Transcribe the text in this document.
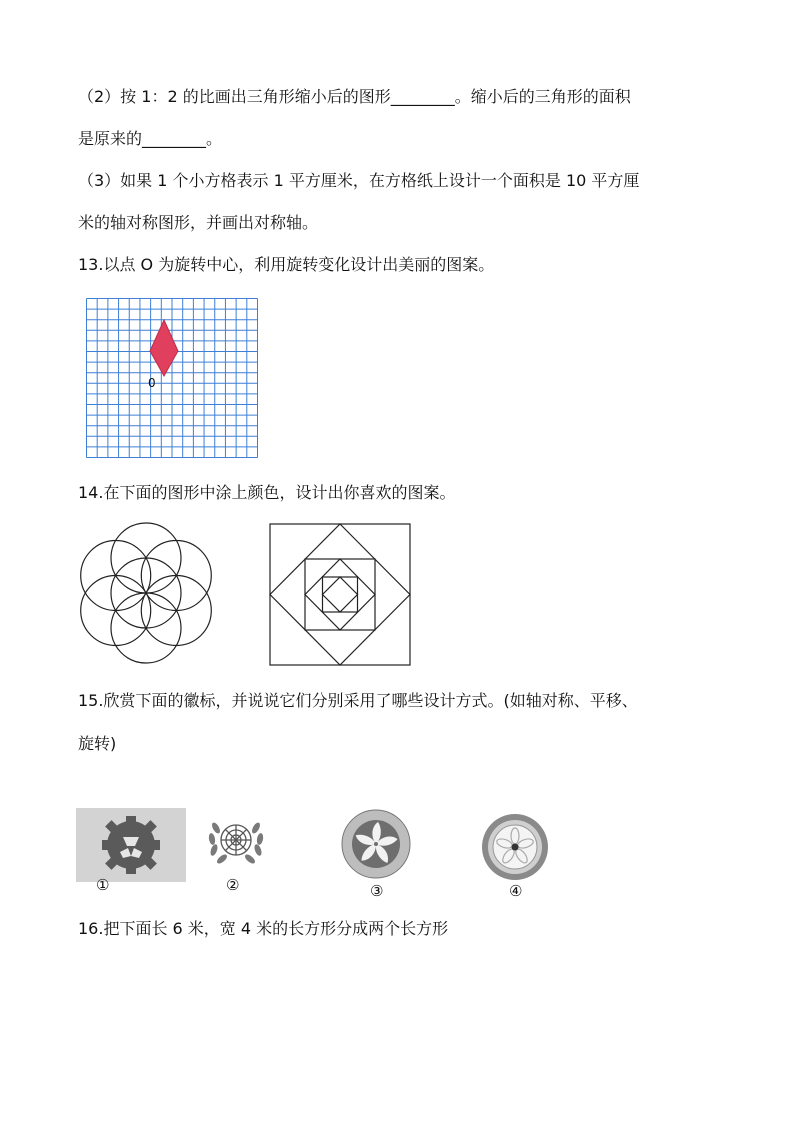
（2）按 1：2 的比画出三角形缩小后的图形________。缩小后的三角形的面积
是原来的________。
（3）如果 1 个小方格表示 1 平方厘米，在方格纸上设计一个面积是 10 平方厘
米的轴对称图形，并画出对称轴。
13.以点 O 为旋转中心，利用旋转变化设计出美丽的图案。
0
14.在下面的图形中涂上颜色，设计出你喜欢的图案。
15.欣赏下面的徽标，并说说它们分别采用了哪些设计方式。(如轴对称、平移、
旋转)
①	②	③	④
16.把下面长 6 米，宽 4 米的长方形分成两个长方形
